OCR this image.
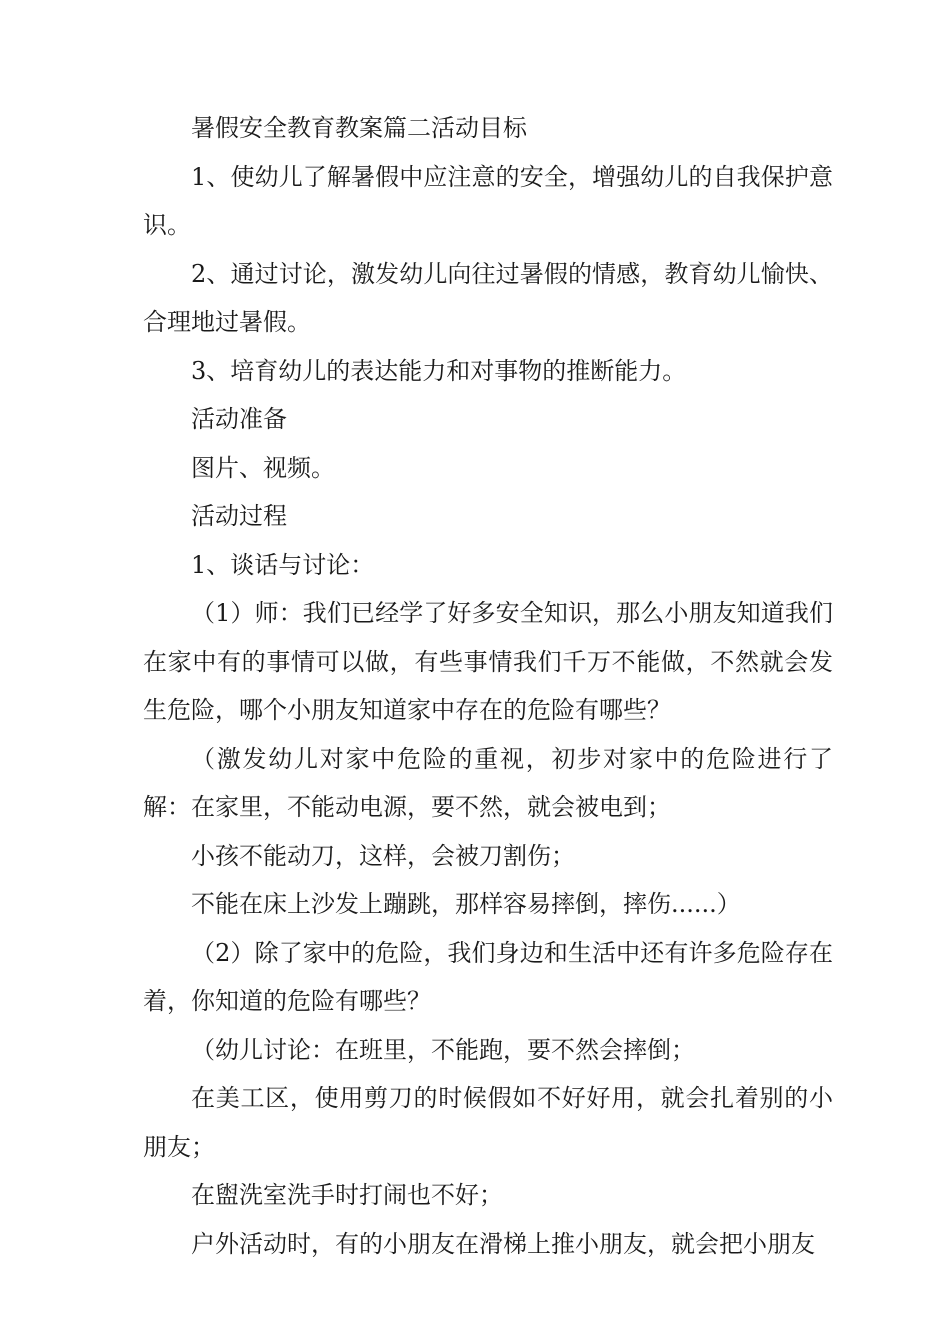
暑假安全教育教案篇二活动目标

1、使幼儿了解暑假中应注意的安全，增强幼儿的自我保护意识。

2、通过讨论，激发幼儿向往过暑假的情感，教育幼儿愉快、合理地过暑假。

3、培育幼儿的表达能力和对事物的推断能力。

活动准备

图片、视频。

活动过程

1、谈话与讨论：

（1）师：我们已经学了好多安全知识，那么小朋友知道我们在家中有的事情可以做，有些事情我们千万不能做，不然就会发生危险，哪个小朋友知道家中存在的危险有哪些？

（激发幼儿对家中危险的重视，初步对家中的危险进行了解：在家里，不能动电源，要不然，就会被电到；

小孩不能动刀，这样，会被刀割伤；

不能在床上沙发上蹦跳，那样容易摔倒，摔伤......）

（2）除了家中的危险，我们身边和生活中还有许多危险存在着，你知道的危险有哪些？

（幼儿讨论：在班里，不能跑，要不然会摔倒；

在美工区，使用剪刀的时候假如不好好用，就会扎着别的小朋友；

在盥洗室洗手时打闹也不好；

户外活动时，有的小朋友在滑梯上推小朋友，就会把小朋友
